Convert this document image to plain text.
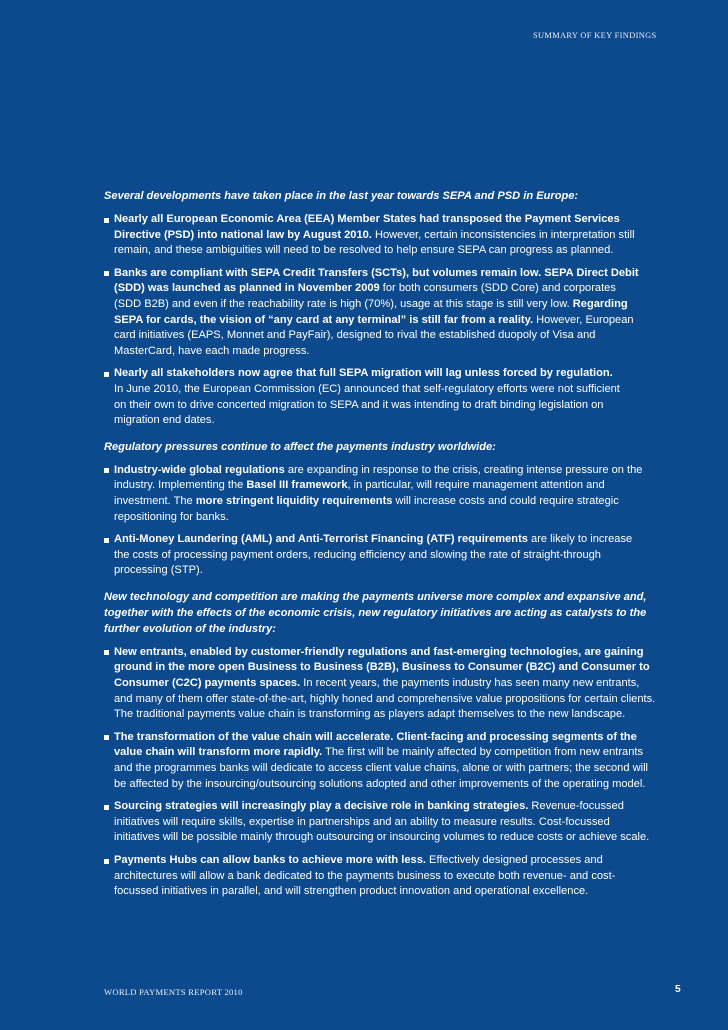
SUMMARY OF KEY FINDINGS

Several developments have taken place in the last year towards SEPA and PSD in Europe:

Nearly all European Economic Area (EEA) Member States had transposed the Payment Services
Directive (PSD) into national law by August 2010. However, certain inconsistencies in interpretation still
remain, and these ambiguities will need to be resolved to help ensure SEPA can progress as planned.
Banks are compliant with SEPA Credit Transfers (SCTs), but volumes remain low. SEPA Direct Debit
(SDD) was launched as planned in November 2009 for both consumers (SDD Core) and corporates
(SDD B2B) and even if the reachability rate is high (70%), usage at this stage is still very low. Regarding
SEPA for cards, the vision of “any card at any terminal” is still far from a reality. However, European
card initiatives (EAPS, Monnet and PayFair), designed to rival the established duopoly of Visa and
MasterCard, have each made progress.
Nearly all stakeholders now agree that full SEPA migration will lag unless forced by regulation.
In June 2010, the European Commission (EC) announced that self-regulatory efforts were not sufficient
on their own to drive concerted migration to SEPA and it was intending to draft binding legislation on
migration end dates.

Regulatory pressures continue to affect the payments industry worldwide:

Industry-wide global regulations are expanding in response to the crisis, creating intense pressure on the
industry. Implementing the Basel III framework, in particular, will require management attention and
investment. The more stringent liquidity requirements will increase costs and could require strategic
repositioning for banks.
Anti-Money Laundering (AML) and Anti-Terrorist Financing (ATF) requirements are likely to increase
the costs of processing payment orders, reducing efficiency and slowing the rate of straight-through
processing (STP).

New technology and competition are making the payments universe more complex and expansive and, together with the effects of the economic crisis, new regulatory initiatives are acting as catalysts to the further evolution of the industry:

New entrants, enabled by customer-friendly regulations and fast-emerging technologies, are gaining
ground in the more open Business to Business (B2B), Business to Consumer (B2C) and Consumer to
Consumer (C2C) payments spaces. In recent years, the payments industry has seen many new entrants,
and many of them offer state-of-the-art, highly honed and comprehensive value propositions for certain clients.
The traditional payments value chain is transforming as players adapt themselves to the new landscape.
The transformation of the value chain will accelerate. Client-facing and processing segments of the
value chain will transform more rapidly. The first will be mainly affected by competition from new entrants
and the programmes banks will dedicate to access client value chains, alone or with partners; the second will
be affected by the insourcing/outsourcing solutions adopted and other improvements of the operating model.
Sourcing strategies will increasingly play a decisive role in banking strategies. Revenue-focussed
initiatives will require skills, expertise in partnerships and an ability to measure results. Cost-focussed
initiatives will be possible mainly through outsourcing or insourcing volumes to reduce costs or achieve scale.
Payments Hubs can allow banks to achieve more with less. Effectively designed processes and
architectures will allow a bank dedicated to the payments business to execute both revenue- and cost-
focussed initiatives in parallel, and will strengthen product innovation and operational excellence.
WORLD PAYMENTS REPORT 2010	5
